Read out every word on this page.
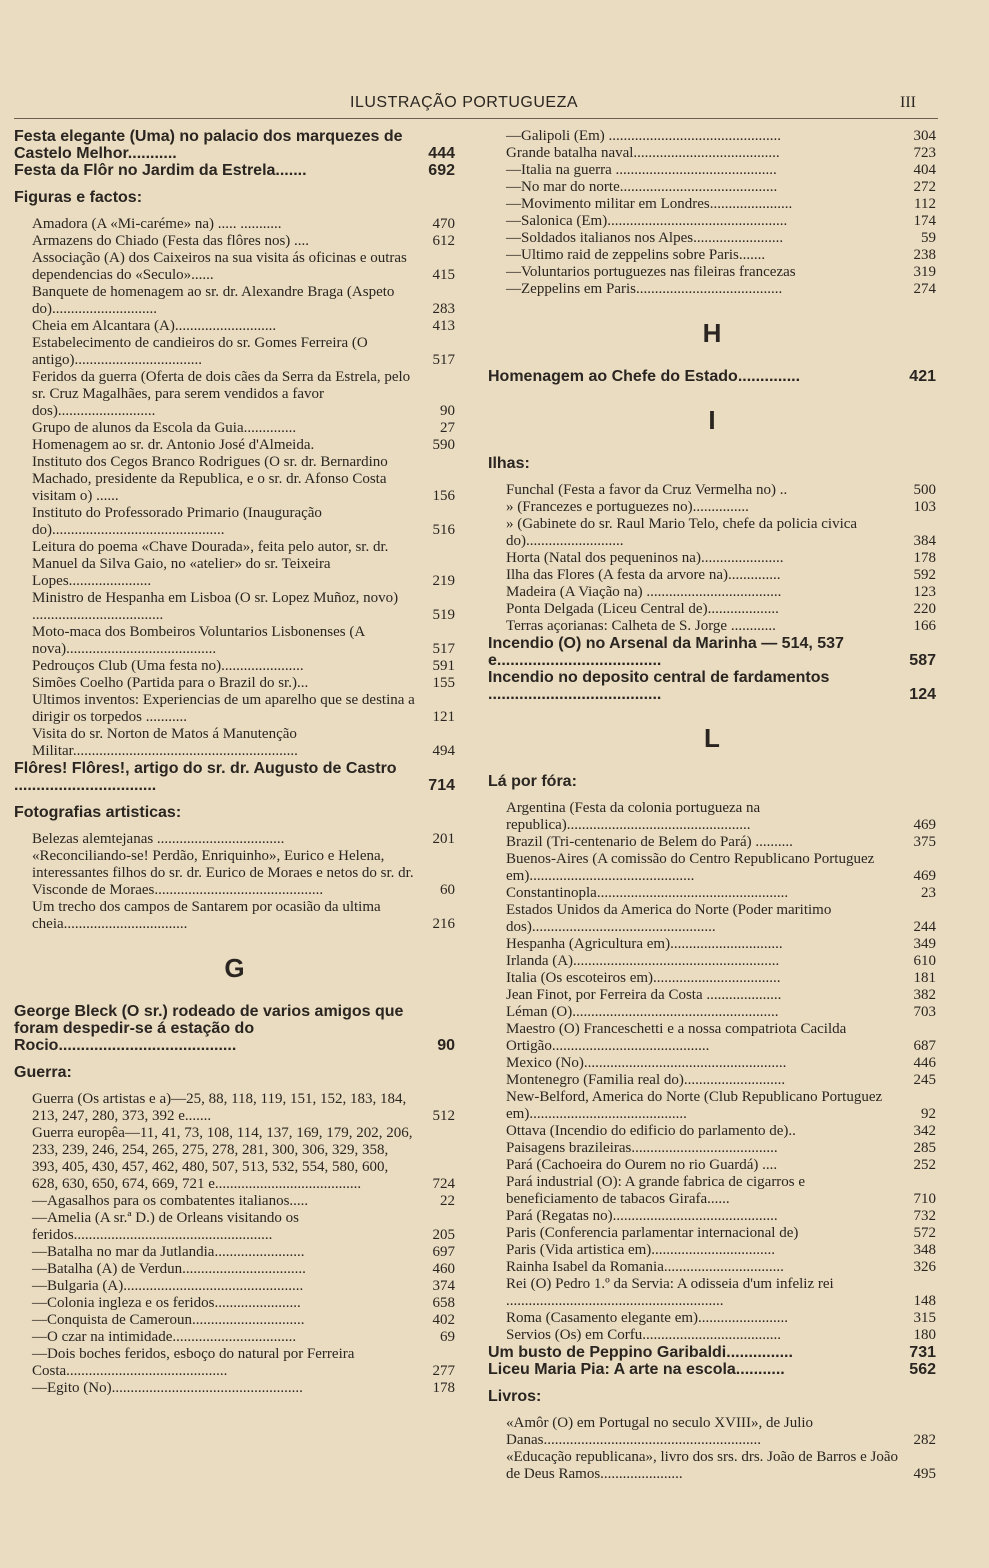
ILUSTRAÇÃO PORTUGUEZA	III
Festa elegante (Uma) no palacio dos marquezes de Castelo Melhor...........	444
Festa da Flôr no Jardim da Estrela.......	692
Figuras e factos:
Amadora (A «Mi-caréme» na) ..... ...........	470
Armazens do Chiado (Festa das flôres nos) ....	612
Associação (A) dos Caixeiros na sua visita ás oficinas e outras dependencias do «Seculo»......	415
Banquete de homenagem ao sr. dr. Alexandre Braga (Aspeto do)............................	283
Cheia em Alcantara (A)...........................	413
Estabelecimento de candieiros do sr. Gomes Ferreira (O antigo)..................................	517
Feridos da guerra (Oferta de dois cães da Serra da Estrela, pelo sr. Cruz Magalhães, para serem vendidos a favor dos)..........................	90
Grupo de alunos da Escola da Guia..............	27
Homenagem ao sr. dr. Antonio José d'Almeida.	590
Instituto dos Cegos Branco Rodrigues (O sr. dr. Bernardino Machado, presidente da Republica, e o sr. dr. Afonso Costa visitam o) ......	156
Instituto do Professorado Primario (Inauguração do)..............................................	516
Leitura do poema «Chave Dourada», feita pelo autor, sr. dr. Manuel da Silva Gaio, no «atelier» do sr. Teixeira Lopes......................	219
Ministro de Hespanha em Lisboa (O sr. Lopez Muñoz, novo) ...................................	519
Moto-maca dos Bombeiros Voluntarios Lisbonenses (A nova)........................................	517
Pedrouços Club (Uma festa no)......................	591
Simões Coelho (Partida para o Brazil do sr.)...	155
Ultimos inventos: Experiencias de um aparelho que se destina a dirigir os torpedos ...........	121
Visita do sr. Norton de Matos á Manutenção Militar............................................................	494
Flôres! Flôres!, artigo do sr. dr. Augusto de Castro ................................	714
Fotografias artisticas:
Belezas alemtejanas ..................................	201
«Reconciliando-se! Perdão, Enriquinho», Eurico e Helena, interessantes filhos do sr. dr. Eurico de Moraes e netos do sr. dr. Visconde de Moraes.............................................	60
Um trecho dos campos de Santarem por ocasião da ultima cheia.................................	216
G
George Bleck (O sr.) rodeado de varios amigos que foram despedir-se á estação do Rocio........................................	90
Guerra:
Guerra (Os artistas e a)—25, 88, 118, 119, 151, 152, 183, 184, 213, 247, 280, 373, 392 e.......	512
Guerra europêa—11, 41, 73, 108, 114, 137, 169, 179, 202, 206, 233, 239, 246, 254, 265, 275, 278, 281, 300, 306, 329, 358, 393, 405, 430, 457, 462, 480, 507, 513, 532, 554, 580, 600, 628, 630, 650, 674, 669, 721 e.......................................	724
—Agasalhos para os combatentes italianos.....	22
—Amelia (A sr.ª D.) de Orleans visitando os feridos.....................................................	205
—Batalha no mar da Jutlandia........................	697
—Batalha (A) de Verdun.................................	460
—Bulgaria (A)................................................	374
—Colonia ingleza e os feridos.......................	658
—Conquista de Cameroun..............................	402
—O czar na intimidade.................................	69
—Dois boches feridos, esboço do natural por Ferreira Costa...........................................	277
—Egito (No)...................................................	178
—Galipoli (Em) ..............................................	304
Grande batalha naval.......................................	723
—Italia na guerra ...........................................	404
—No mar do norte..........................................	272
—Movimento militar em Londres......................	112
—Salonica (Em)................................................	174
—Soldados italianos nos Alpes........................	59
—Ultimo raid de zeppelins sobre Paris.......	238
—Voluntarios portuguezes nas fileiras francezas	319
—Zeppelins em Paris.......................................	274
H
Homenagem ao Chefe do Estado..............	421
I
Ilhas:
Funchal (Festa a favor da Cruz Vermelha no) ..	500
» (Francezes e portuguezes no)...............	103
» (Gabinete do sr. Raul Mario Telo, chefe da policia civica do)..........................	384
Horta (Natal dos pequeninos na)......................	178
Ilha das Flores (A festa da arvore na)..............	592
Madeira (A Viação na) ....................................	123
Ponta Delgada (Liceu Central de)...................	220
Terras açorianas: Calheta de S. Jorge ............	166
Incendio (O) no Arsenal da Marinha — 514, 537 e.....................................	587
Incendio no deposito central de fardamentos .......................................	124
L
Lá por fóra:
Argentina (Festa da colonia portugueza na republica).................................................	469
Brazil (Tri-centenario de Belem do Pará) ..........	375
Buenos-Aires (A comissão do Centro Republicano Portuguez em)............................................	469
Constantinopla...................................................	23
Estados Unidos da America do Norte (Poder maritimo dos).................................................	244
Hespanha (Agricultura em)..............................	349
Irlanda (A).......................................................	610
Italia (Os escoteiros em)..................................	181
Jean Finot, por Ferreira da Costa ....................	382
Léman (O).......................................................	703
Maestro (O) Franceschetti e a nossa compatriota Cacilda Ortigão..........................................	687
Mexico (No)......................................................	446
Montenegro (Familia real do)...........................	245
New-Belford, America do Norte (Club Republicano Portuguez em)..........................................	92
Ottava (Incendio do edificio do parlamento de)..	342
Paisagens brazileiras.......................................	285
Pará (Cachoeira do Ourem no rio Guardá) ....	252
Pará industrial (O): A grande fabrica de cigarros e beneficiamento de tabacos Girafa......	710
Pará (Regatas no)............................................	732
Paris (Conferencia parlamentar internacional de)	572
Paris (Vida artistica em).................................	348
Rainha Isabel da Romania................................	326
Rei (O) Pedro 1.º da Servia: A odisseia d'um infeliz rei ..........................................................	148
Roma (Casamento elegante em)........................	315
Servios (Os) em Corfu.....................................	180
Um busto de Peppino Garibaldi...............	731
Liceu Maria Pia: A arte na escola...........	562
Livros:
«Amôr (O) em Portugal no seculo XVIII», de Julio Danas..........................................................	282
«Educação republicana», livro dos srs. drs. João de Barros e João de Deus Ramos......................	495
